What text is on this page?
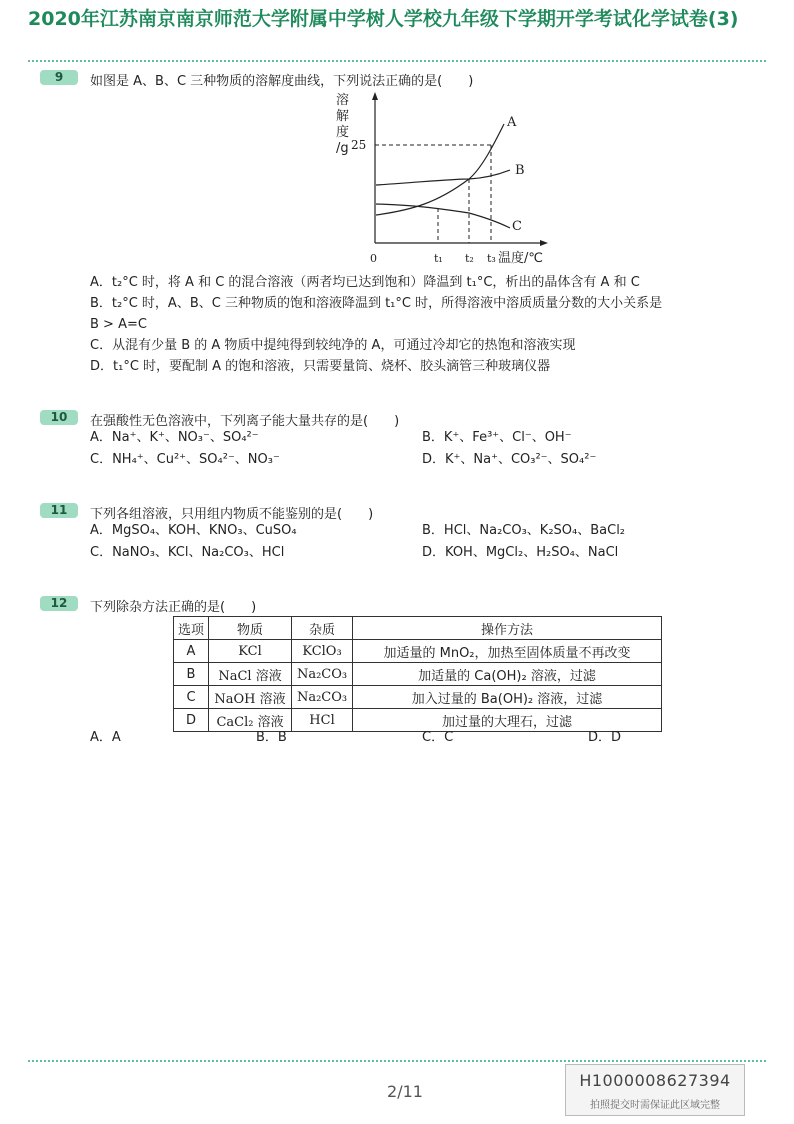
2020年江苏南京南京师范大学附属中学树人学校九年级下学期开学考试化学试卷(3)
9	如图是 A、B、C 三种物质的溶解度曲线，下列说法正确的是(　　)
溶
解
度
/g 25
A
B
C
0	t₁ t₂ t₃ 温度/℃
A．t₂°C 时，将 A 和 C 的混合溶液（两者均已达到饱和）降温到 t₁°C，析出的晶体含有 A 和 C
B．t₂°C 时，A、B、C 三种物质的饱和溶液降温到 t₁°C 时，所得溶液中溶质质量分数的大小关系是
B > A=C
C．从混有少量 B 的 A 物质中提纯得到较纯净的 A，可通过冷却它的热饱和溶液实现
D．t₁°C 时，要配制 A 的饱和溶液，只需要量筒、烧杯、胶头滴管三种玻璃仪器
10	在强酸性无色溶液中，下列离子能大量共存的是(　　)
A．Na⁺、K⁺、NO₃⁻、SO₄²⁻	B．K⁺、Fe³⁺、Cl⁻、OH⁻
C．NH₄⁺、Cu²⁺、SO₄²⁻、NO₃⁻	D．K⁺、Na⁺、CO₃²⁻、SO₄²⁻
11	下列各组溶液，只用组内物质不能鉴别的是(　　)
A．MgSO₄、KOH、KNO₃、CuSO₄	B．HCl、Na₂CO₃、K₂SO₄、BaCl₂
C．NaNO₃、KCl、Na₂CO₃、HCl	D．KOH、MgCl₂、H₂SO₄、NaCl
12	下列除杂方法正确的是(　　)
选项	物质	杂质	操作方法
A	KCl	KClO₃	加适量的 MnO₂，加热至固体质量不再改变
B	NaCl 溶液	Na₂CO₃	加适量的 Ca(OH)₂ 溶液，过滤
C	NaOH 溶液	Na₂CO₃	加入过量的 Ba(OH)₂ 溶液，过滤
D	CaCl₂ 溶液	HCl	加过量的大理石，过滤
A．A	B．B	C．C	D．D
2/11
H1000008627394
拍照提交时需保证此区域完整
